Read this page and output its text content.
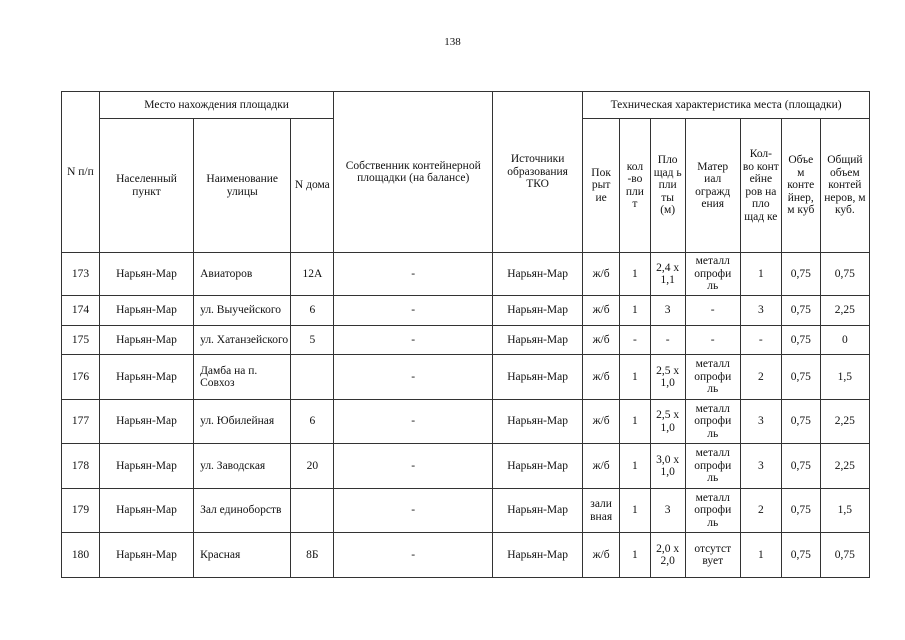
138
N п/п	Место нахождения площадки			Собственник контейнерной площадки (на балансе)	Источники образования ТКО	Техническая характеристика места (площадки)						
	Населенный пункт	Наименование улицы	N дома			Пок рыт ие	кол -во пли т	Пло щад ь пли ты (м)	Матер иал огражд ения	Кол- во конт ейне ров на пло щад ке	Объе м конте йнер, м куб	Общий объем контей неров, м куб.
173	Нарьян-Мар	Авиаторов	12А	-	Нарьян-Мар	ж/б	1	2,4 х 1,1	металл опрофи ль	1	0,75	0,75
174	Нарьян-Мар	ул. Выучейского	6	-	Нарьян-Мар	ж/б	1	3	-	3	0,75	2,25
175	Нарьян-Мар	ул. Хатанзейского	5	-	Нарьян-Мар	ж/б	-	-	-	-	0,75	0
176	Нарьян-Мар	Дамба на п. Совхоз		-	Нарьян-Мар	ж/б	1	2,5 х 1,0	металл опрофи ль	2	0,75	1,5
177	Нарьян-Мар	ул. Юбилейная	6	-	Нарьян-Мар	ж/б	1	2,5 х 1,0	металл опрофи ль	3	0,75	2,25
178	Нарьян-Мар	ул. Заводская	20	-	Нарьян-Мар	ж/б	1	3,0 х 1,0	металл опрофи ль	3	0,75	2,25
179	Нарьян-Мар	Зал единоборств		-	Нарьян-Мар	зали вная	1	3	металл опрофи ль	2	0,75	1,5
180	Нарьян-Мар	Красная	8Б	-	Нарьян-Мар	ж/б	1	2,0 х 2,0	отсутст вует	1	0,75	0,75
